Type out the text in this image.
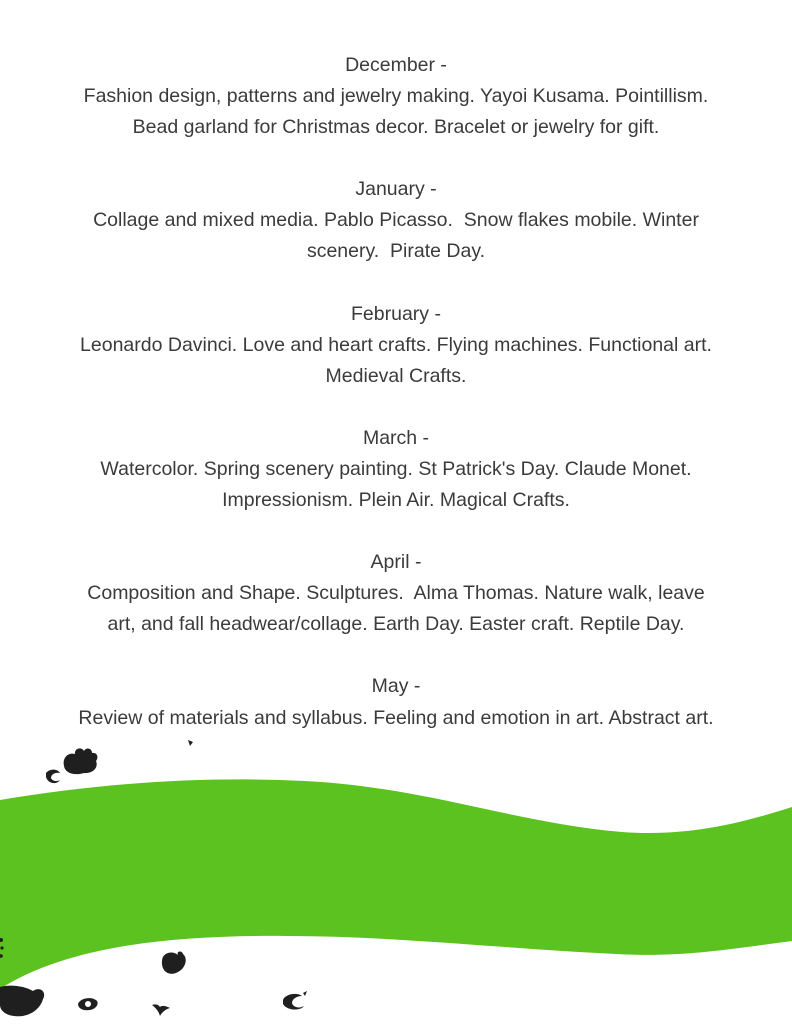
December -
Fashion design, patterns and jewelry making. Yayoi Kusama. Pointillism.
Bead garland for Christmas decor. Bracelet or jewelry for gift.
January -
Collage and mixed media. Pablo Picasso.  Snow flakes mobile. Winter
scenery.  Pirate Day.
February -
Leonardo Davinci. Love and heart crafts. Flying machines. Functional art.
Medieval Crafts.
March -
Watercolor. Spring scenery painting. St Patrick's Day. Claude Monet.
Impressionism. Plein Air. Magical Crafts.
April -
Composition and Shape. Sculptures.  Alma Thomas. Nature walk, leave
art, and fall headwear/collage. Earth Day. Easter craft. Reptile Day.
May -
Review of materials and syllabus. Feeling and emotion in art. Abstract art.
